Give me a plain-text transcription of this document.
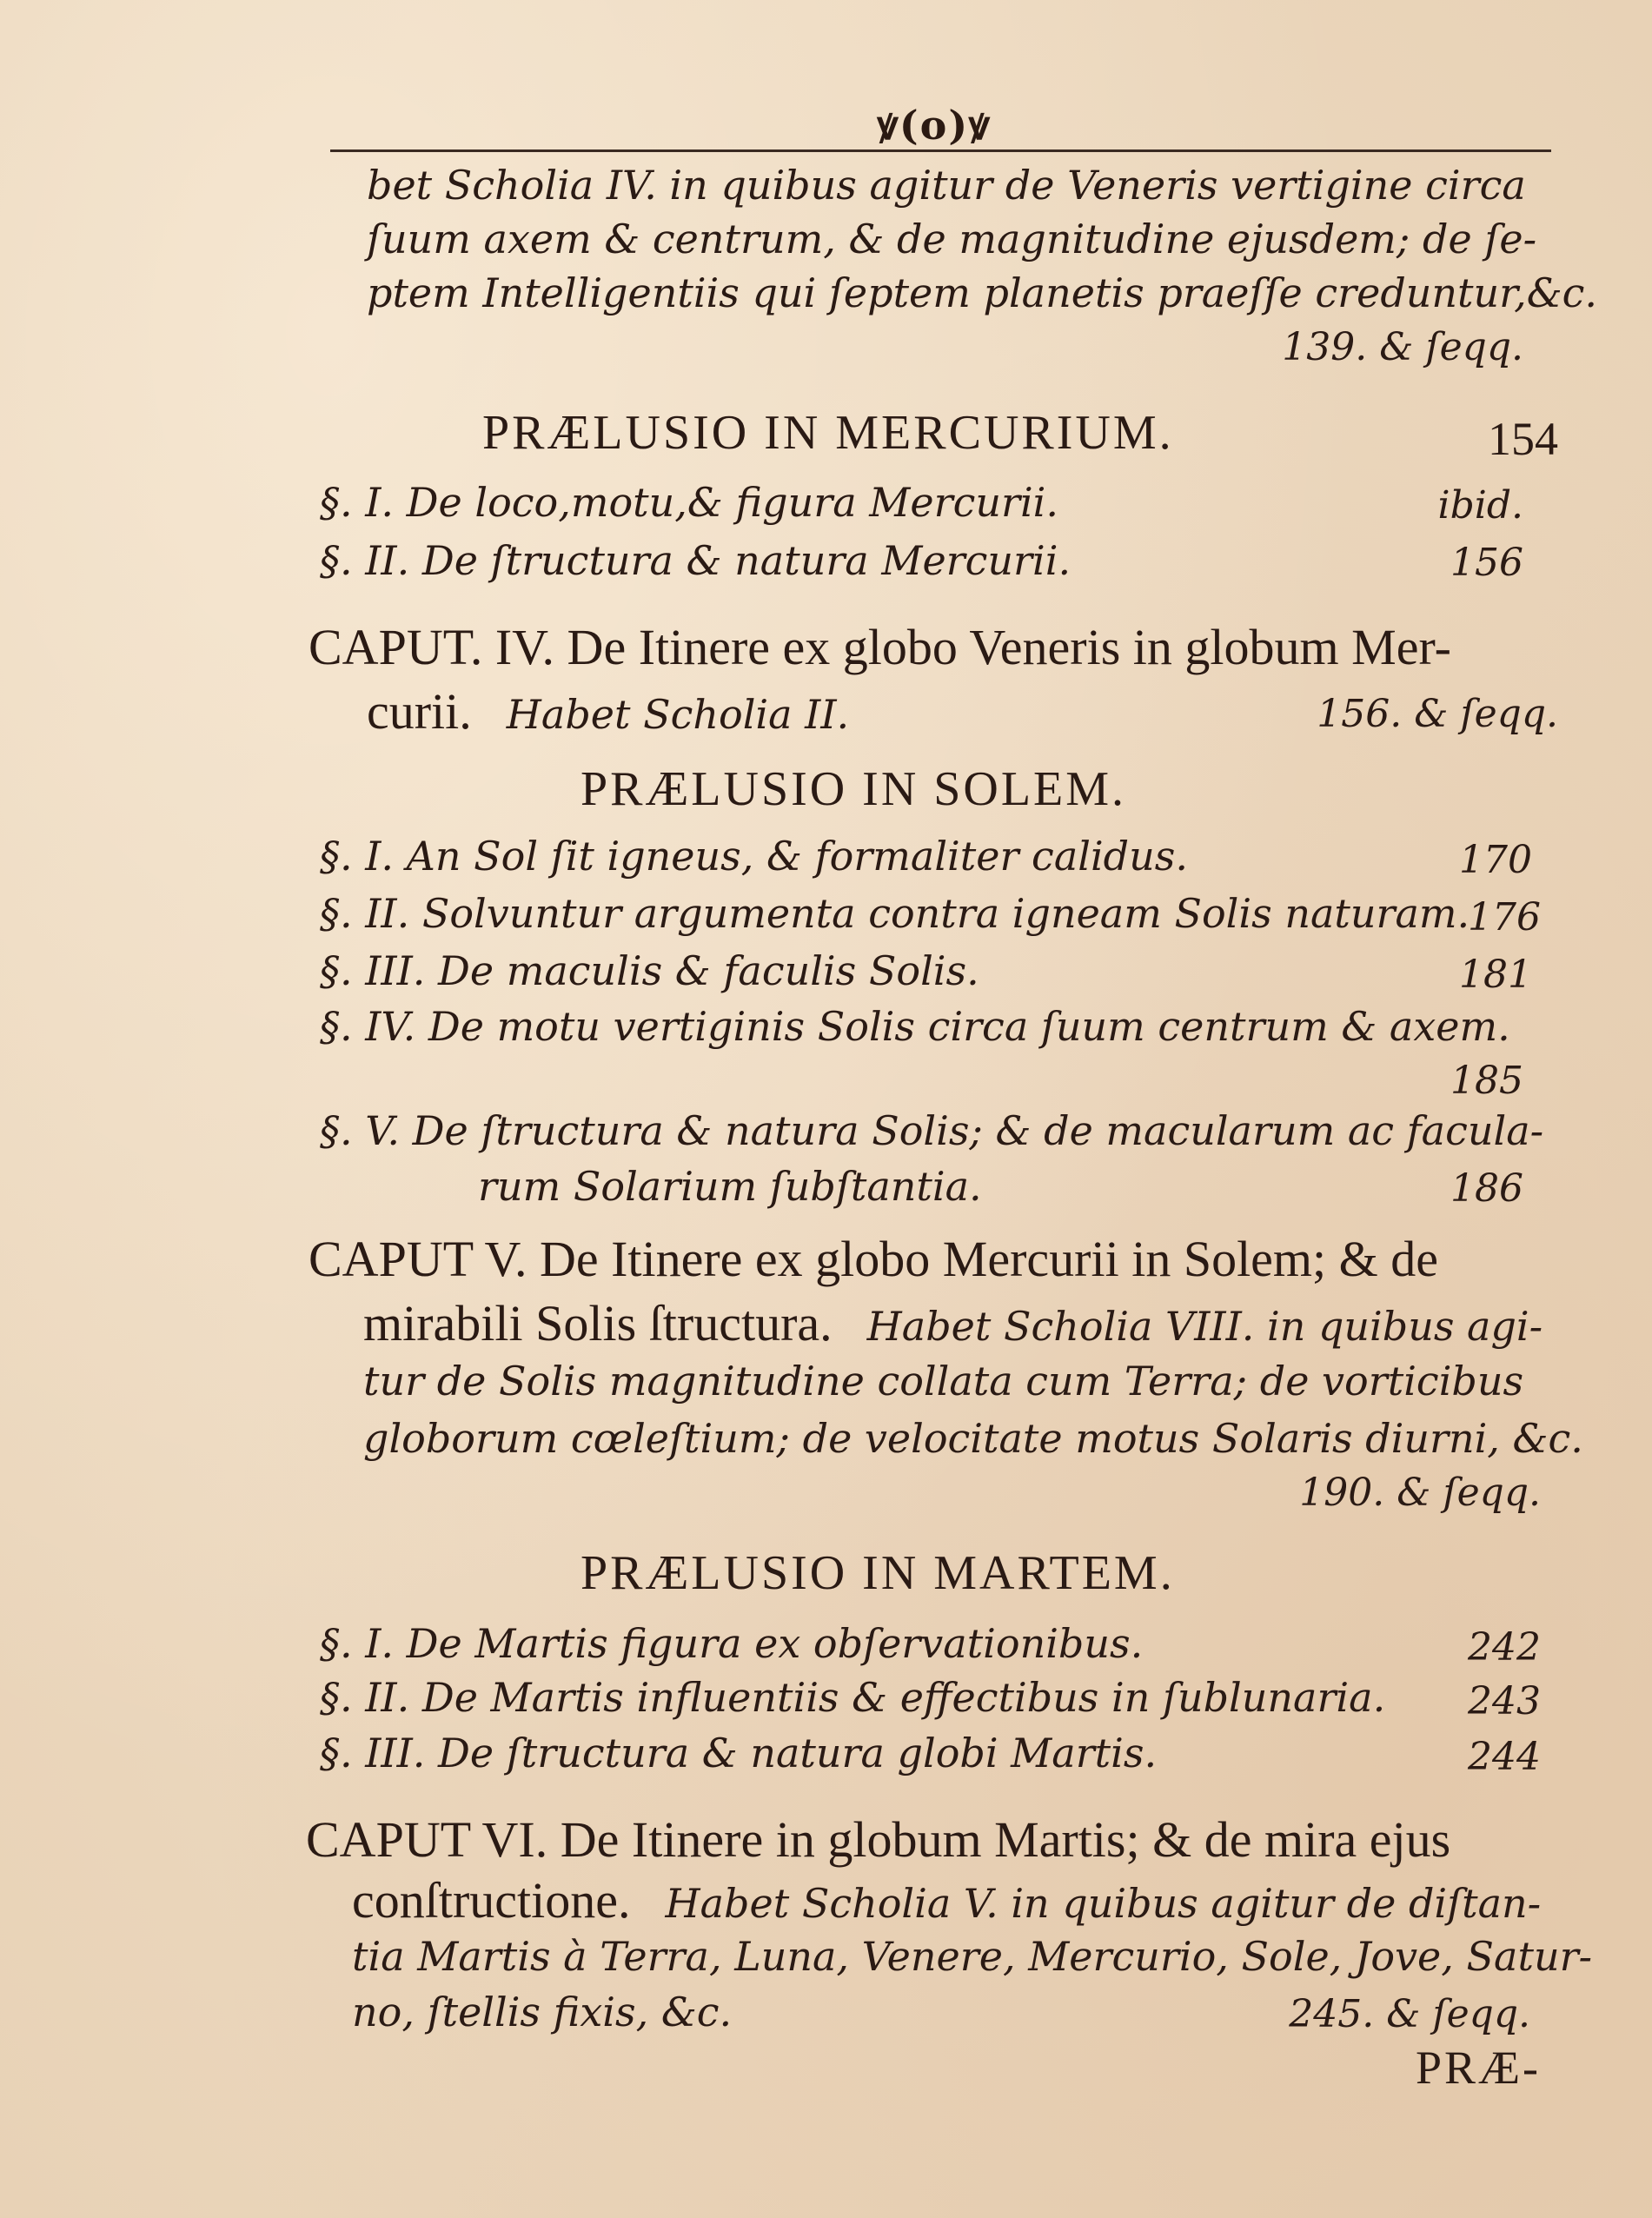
ꝟ(o)ꝟ
bet Scholia IV. in quibus agitur de Veneris vertigine circa
ſuum axem & centrum, & de magnitudine ejusdem; de ſe-
ptem Intelligentiis qui ſeptem planetis praeſſe creduntur,&c.
139. & ſeqq.
PRÆLUSIO IN MERCURIUM.	154
§. I. De loco,motu,& figura Mercurii.	ibid.
§. II. De ſtructura & natura Mercurii.	156
CAPUT. IV. De Itinere ex globo Veneris in globum Mer-
curii. Habet Scholia II.	156. & ſeqq.
PRÆLUSIO IN SOLEM.
§. I. An Sol ſit igneus, & formaliter calidus.	170
§. II. Solvuntur argumenta contra igneam Solis naturam.
176
§. III. De maculis & faculis Solis.	181
§. IV. De motu vertiginis Solis circa ſuum centrum & axem.
185
§. V. De ſtructura & natura Solis; & de macularum ac facula-
rum Solarium ſubſtantia.	186
CAPUT V. De Itinere ex globo Mercurii in Solem; & de
mirabili Solis ſtructura. Habet Scholia VIII. in quibus agi-
tur de Solis magnitudine collata cum Terra; de vorticibus
globorum cœleſtium; de velocitate motus Solaris diurni, &c.
190. & ſeqq.
PRÆLUSIO IN MARTEM.
§. I. De Martis figura ex obſervationibus.	242
§. II. De Martis influentiis & effectibus in ſublunaria. 243
§. III. De ſtructura & natura globi Martis.	244
CAPUT VI. De Itinere in globum Martis; & de mira ejus
conſtructione. Habet Scholia V. in quibus agitur de diſtan-
tia Martis à Terra, Luna, Venere, Mercurio, Sole, Jove, Satur-
no, ſtellis fixis, &c.	245. & ſeqq.
PRÆ-
